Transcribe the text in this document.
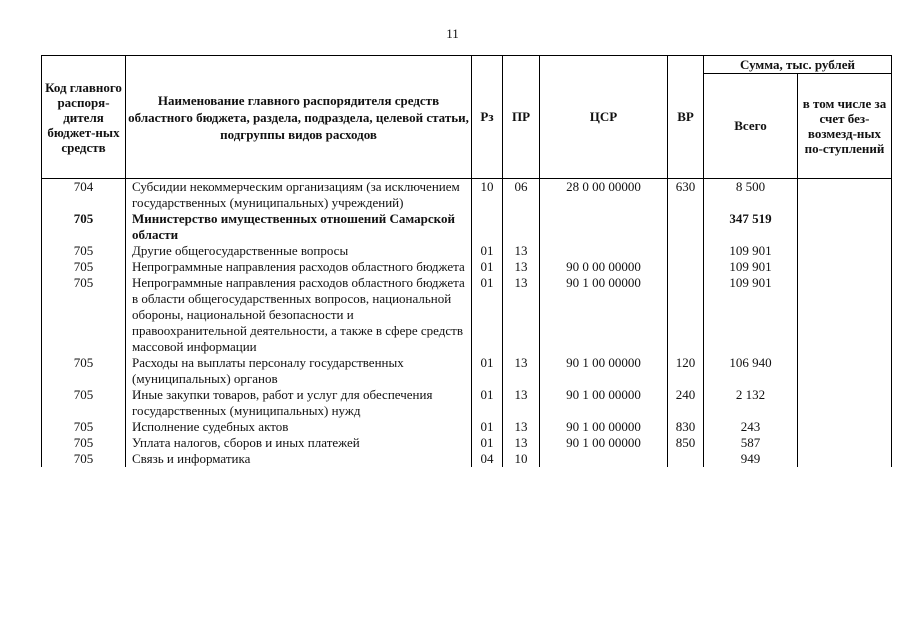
11
Код главного распоря-дителя бюджет-ных средств	Наименование главного распорядителя средств областного бюджета, раздела, подраздела, целевой статьи, подгруппы видов расходов	Рз	ПР	ЦСР	ВР	Сумма, тыс. рублей	
						Всего	в том числе за счет без-возмезд-ных по-ступлений
704	Субсидии некоммерческим организациям (за исключением государственных (муниципальных) учреждений)	10	06	28 0 00 00000	630	8 500	
705	Министерство имущественных отношений Самарской области					347 519	
705	Другие общегосударственные вопросы	01	13			109 901	
705	Непрограммные направления расходов областного бюджета	01	13	90 0 00 00000		109 901	
705	Непрограммные направления расходов областного бюджета в области общегосударственных вопросов, национальной обороны, национальной безопасности и правоохранительной деятельности, а также в сфере средств массовой информации	01	13	90 1 00 00000		109 901	
705	Расходы на выплаты персоналу государственных (муниципальных) органов	01	13	90 1 00 00000	120	106 940	
705	Иные закупки товаров, работ и услуг для обеспечения государственных (муниципальных) нужд	01	13	90 1 00 00000	240	2 132	
705	Исполнение судебных актов	01	13	90 1 00 00000	830	243	
705	Уплата налогов, сборов и иных платежей	01	13	90 1 00 00000	850	587	
705	Связь и информатика	04	10			949	
